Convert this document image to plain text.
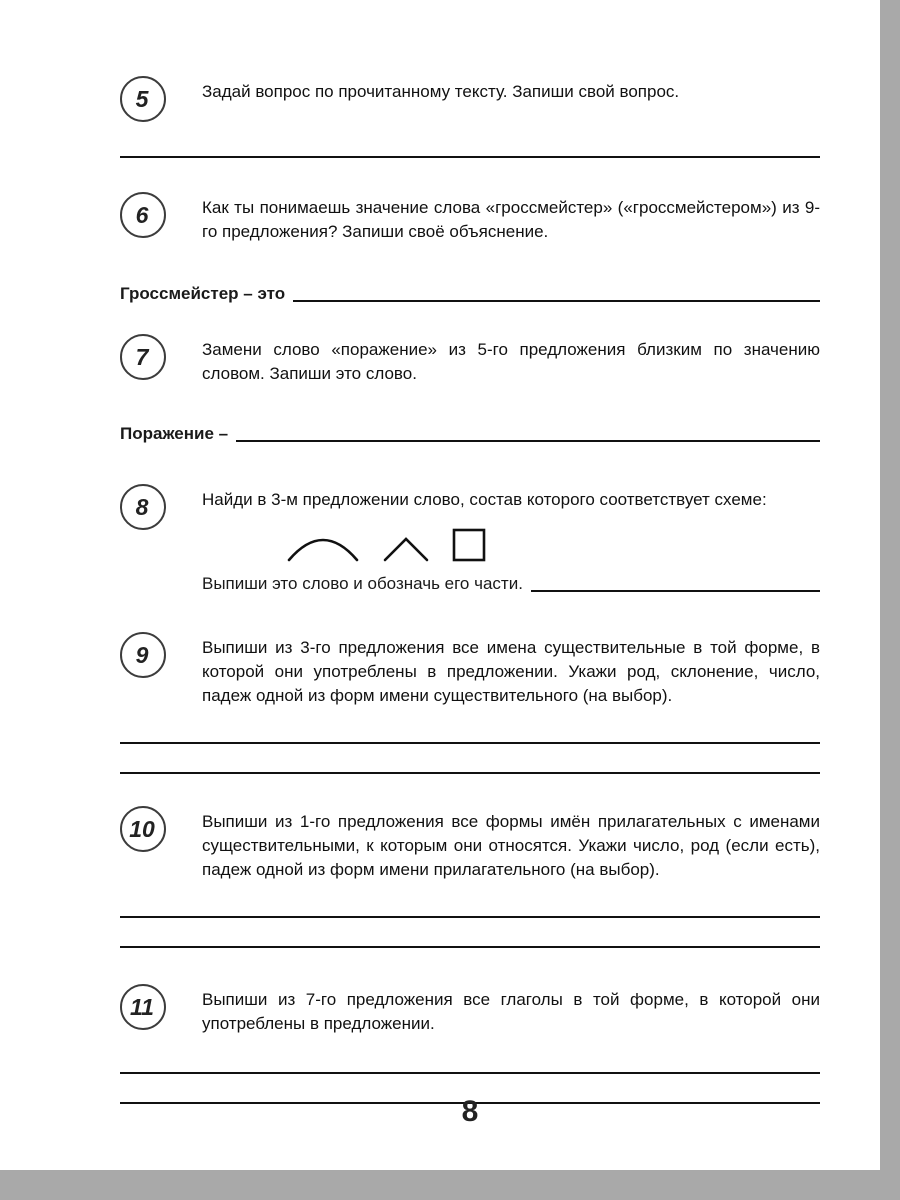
5	Задай вопрос по прочитанному тексту. Запиши свой вопрос.

6	Как ты понимаешь значение слова «гроссмейстер» («гроссмейстером») из 9-го предложения? Запиши своё объяснение.

Гроссмейстер – это
7	Замени слово «поражение» из 5-го предложения близким по значению словом. Запиши это слово.

Поражение –
8	Найди в 3-м предложении слово, состав которого соответствует схеме:

Выпиши это слово и обозначь его части.
9	Выпиши из 3-го предложения все имена существительные в той форме, в которой они употреблены в предложении. Укажи род, склонение, число, падеж одной из форм имени существительного (на выбор).

10	Выпиши из 1-го предложения все формы имён прилагательных с именами существительными, к которым они относятся. Укажи число, род (если есть), падеж одной из форм имени прилагательного (на выбор).

11	Выпиши из 7-го предложения все глаголы в той форме, в которой они употреблены в предложении.

8
